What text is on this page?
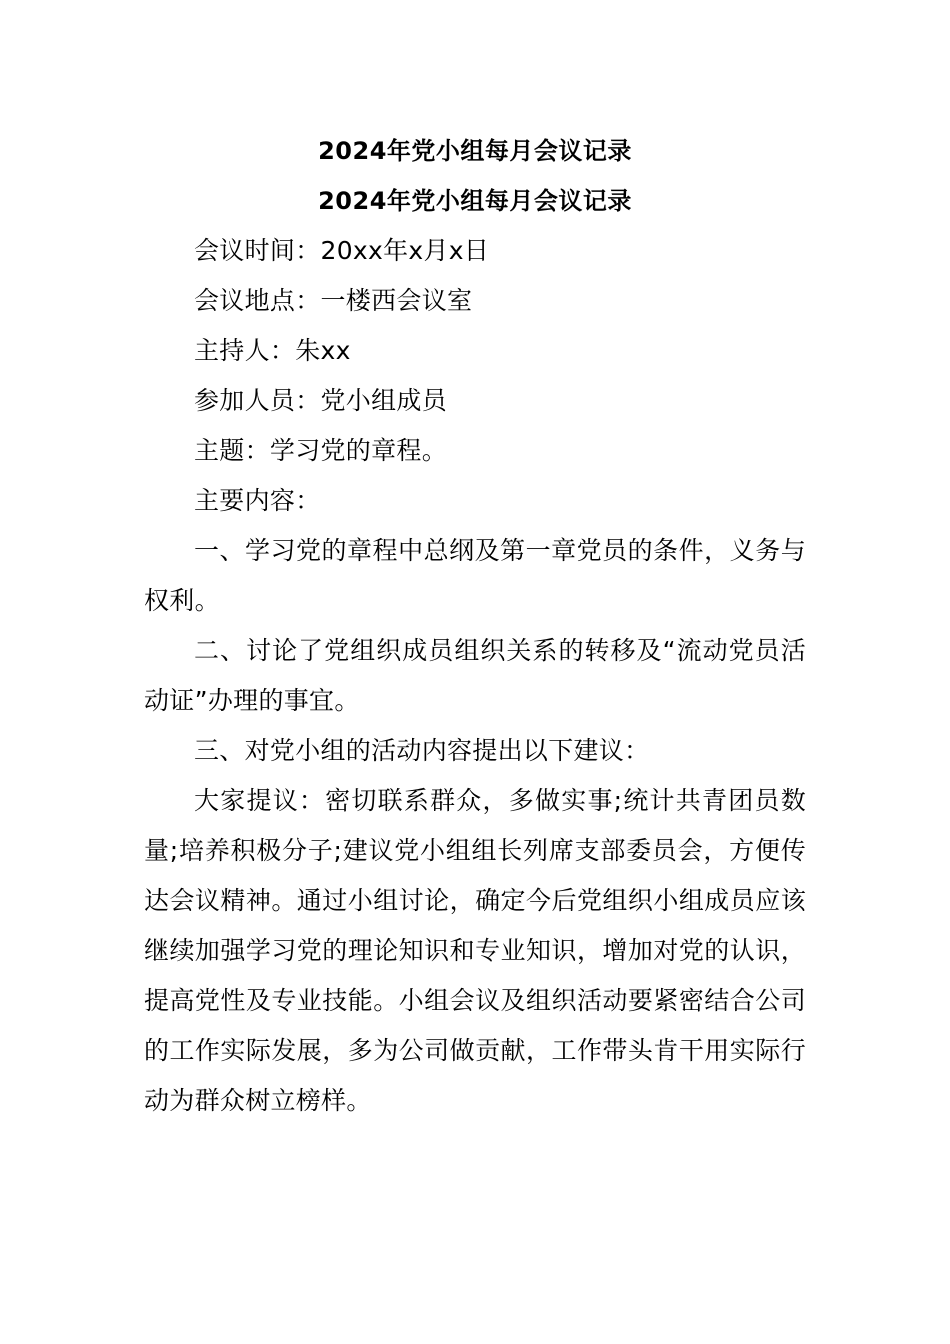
2024年党小组每月会议记录
2024年党小组每月会议记录

会议时间：20xx年x月x日

会议地点：一楼西会议室

主持人：朱xx

参加人员：党小组成员

主题：学习党的章程。

主要内容：

一、学习党的章程中总纲及第一章党员的条件，义务与权利。

二、讨论了党组织成员组织关系的转移及“流动党员活动证”办理的事宜。

三、对党小组的活动内容提出以下建议：

大家提议：密切联系群众，多做实事;统计共青团员数量;培养积极分子;建议党小组组长列席支部委员会，方便传达会议精神。通过小组讨论，确定今后党组织小组成员应该继续加强学习党的理论知识和专业知识，增加对党的认识，提高党性及专业技能。小组会议及组织活动要紧密结合公司的工作实际发展，多为公司做贡献，工作带头肯干用实际行动为群众树立榜样。
